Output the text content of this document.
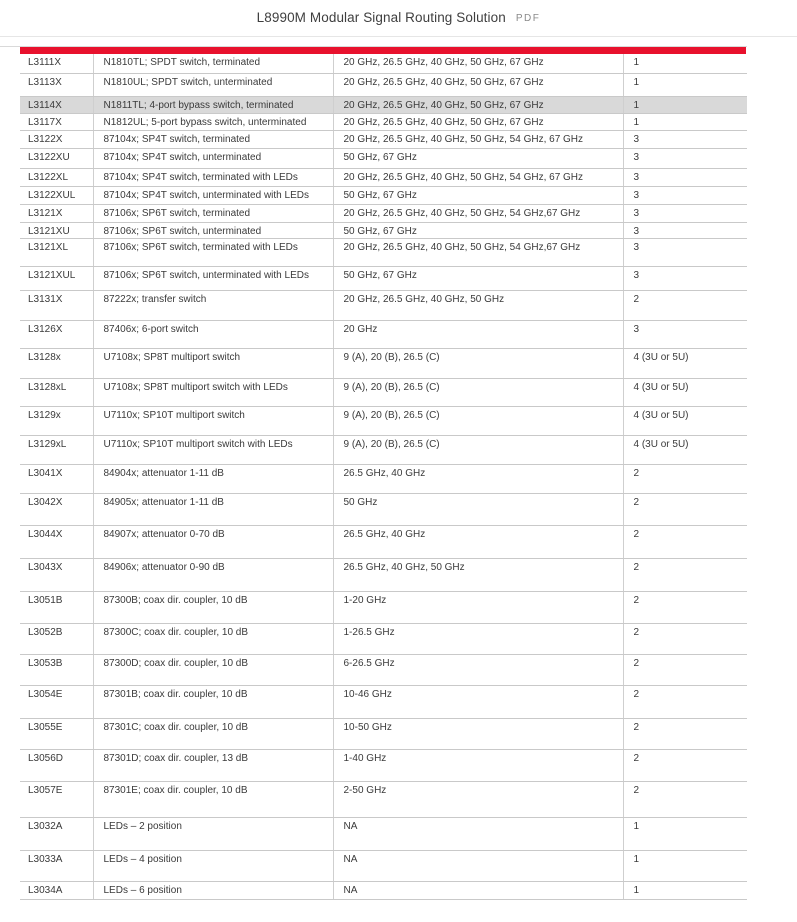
L8990M Modular Signal Routing Solution PDF
L3111X	N1810TL; SPDT switch, terminated	20 GHz, 26.5 GHz, 40 GHz, 50 GHz, 67 GHz	1
L3113X	N1810UL; SPDT switch, unterminated	20 GHz, 26.5 GHz, 40 GHz, 50 GHz, 67 GHz	1
L3114X	N1811TL; 4-port bypass switch, terminated	20 GHz, 26.5 GHz, 40 GHz, 50 GHz, 67 GHz	1
L3117X	N1812UL; 5-port bypass switch, unterminated	20 GHz, 26.5 GHz, 40 GHz, 50 GHz, 67 GHz	1
L3122X	87104x; SP4T switch, terminated	20 GHz, 26.5 GHz, 40 GHz, 50 GHz, 54 GHz, 67 GHz	3
L3122XU	87104x; SP4T switch, unterminated	50 GHz, 67 GHz	3
L3122XL	87104x; SP4T switch, terminated with LEDs	20 GHz, 26.5 GHz, 40 GHz, 50 GHz, 54 GHz, 67 GHz	3
L3122XUL	87104x; SP4T switch, unterminated with LEDs	50 GHz, 67 GHz	3
L3121X	87106x; SP6T switch, terminated	20 GHz, 26.5 GHz, 40 GHz, 50 GHz, 54 GHz,67 GHz	3
L3121XU	87106x; SP6T switch, unterminated	50 GHz, 67 GHz	3
L3121XL	87106x; SP6T switch, terminated with LEDs	20 GHz, 26.5 GHz, 40 GHz, 50 GHz, 54 GHz,67 GHz	3
L3121XUL	87106x; SP6T switch, unterminated with LEDs	50 GHz, 67 GHz	3
L3131X	87222x; transfer switch	20 GHz, 26.5 GHz, 40 GHz, 50 GHz	2
L3126X	87406x; 6-port switch	20 GHz	3
L3128x	U7108x; SP8T multiport switch	9 (A), 20 (B), 26.5 (C)	4 (3U or 5U)
L3128xL	U7108x; SP8T multiport switch with LEDs	9 (A), 20 (B), 26.5 (C)	4 (3U or 5U)
L3129x	U7110x; SP10T multiport switch	9 (A), 20 (B), 26.5 (C)	4 (3U or 5U)
L3129xL	U7110x; SP10T multiport switch with LEDs	9 (A), 20 (B), 26.5 (C)	4 (3U or 5U)
L3041X	84904x; attenuator 1-11 dB	26.5 GHz, 40 GHz	2
L3042X	84905x; attenuator 1-11 dB	50 GHz	2
L3044X	84907x; attenuator 0-70 dB	26.5 GHz, 40 GHz	2
L3043X	84906x; attenuator 0-90 dB	26.5 GHz, 40 GHz, 50 GHz	2
L3051B	87300B; coax dir. coupler, 10 dB	1-20 GHz	2
L3052B	87300C; coax dir. coupler, 10 dB	1-26.5 GHz	2
L3053B	87300D; coax dir. coupler, 10 dB	6-26.5 GHz	2
L3054E	87301B; coax dir. coupler, 10 dB	10-46 GHz	2
L3055E	87301C; coax dir. coupler, 10 dB	10-50 GHz	2
L3056D	87301D; coax dir. coupler, 13 dB	1-40 GHz	2
L3057E	87301E; coax dir. coupler, 10 dB	2-50 GHz	2
L3032A	LEDs – 2 position	NA	1
L3033A	LEDs – 4 position	NA	1
L3034A	LEDs – 6 position	NA	1
